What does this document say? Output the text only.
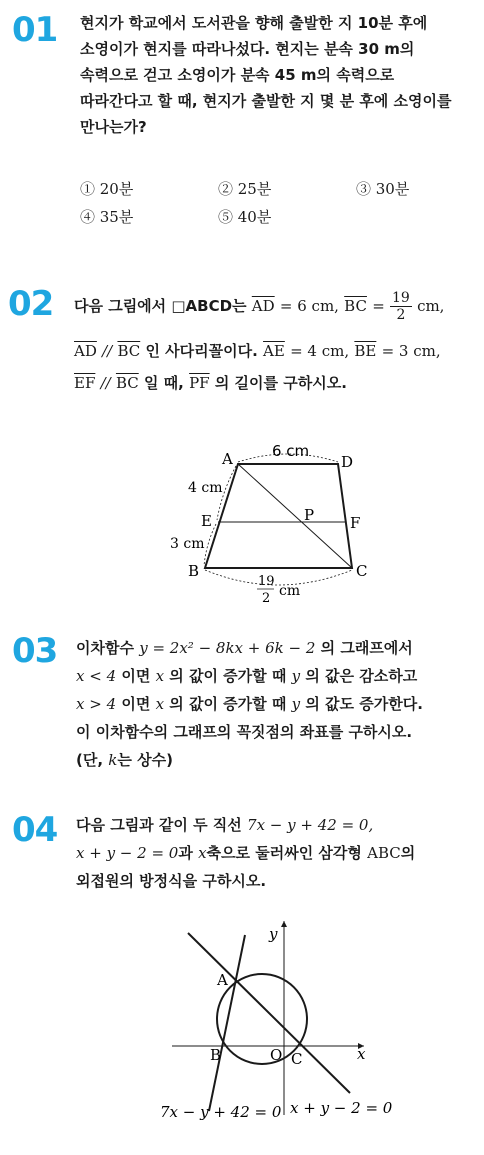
01 현지가 학교에서 도서관을 향해 출발한 지 10분 후에
소영이가 현지를 따라나섰다. 현지는 분속 30 m의
속력으로 걷고 소영이가 분속 45 m의 속력으로
따라간다고 할 때, 현지가 출발한 지 몇 분 후에 소영이를
만나는가?
① 20분	② 25분	③ 30분
④ 35분	⑤ 40분
02 다음 그림에서 □ABCD는 $\overline{AD} = 6$ cm, $\overline{BC} = \frac{19}{2}$ cm,
$\overline{AD} // \overline{BC}$ 인 사다리꼴이다. $\overline{AE} = 4$ cm, $\overline{BE} = 3$ cm,
$\overline{EF} // \overline{BC}$ 일 때, $\overline{PF}$ 의 길이를 구하시오.
A	D
E	F
P
B	C
6 cm
4 cm
3 cm
19
2 cm
03 이차함수 y = 2x² − 8kx + 6k − 2 의 그래프에서
x < 4 이면 x 의 값이 증가할 때 y 의 값은 감소하고
x > 4 이면 x 의 값이 증가할 때 y 의 값도 증가한다.
이 이차함수의 그래프의 꼭짓점의 좌표를 구하시오.
(단, k는 상수)
04 다음 그림과 같이 두 직선 7x − y + 42 = 0,
x + y − 2 = 0과 x축으로 둘러싸인 삼각형 ABC의
외접원의 방정식을 구하시오.
y
x
A
B	O C
7x − y + 42 = 0 x + y − 2 = 0
